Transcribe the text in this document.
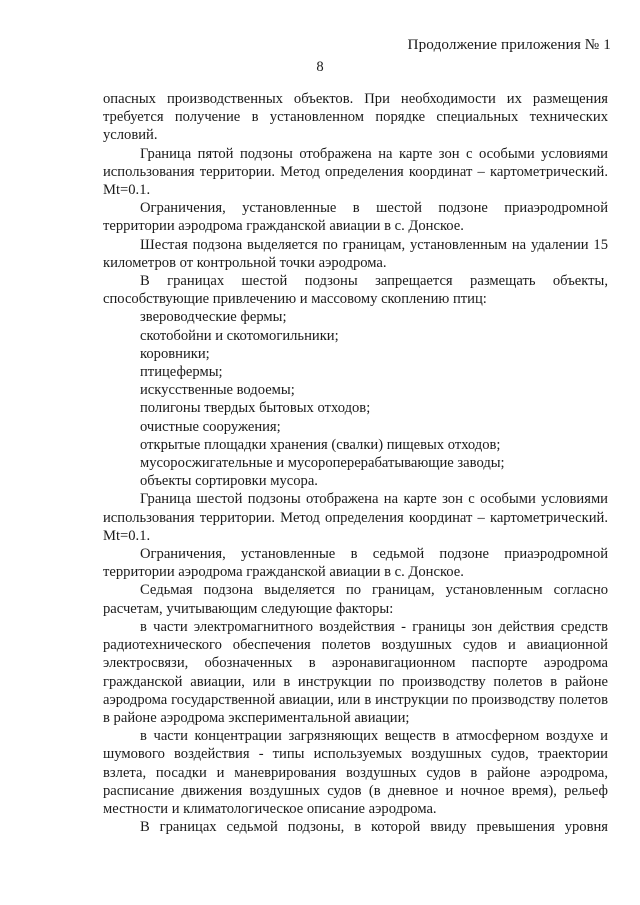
Продолжение приложения № 1
8

опасных производственных объектов. При необходимости их размещения требуется получение в установленном порядке специальных технических условий.

Граница пятой подзоны отображена на карте зон с особыми условиями использования территории. Метод определения координат – картометрический. Mt=0.1.

Ограничения, установленные в шестой подзоне приаэродромной территории аэродрома гражданской авиации в с. Донское.

Шестая подзона выделяется по границам, установленным на удалении 15 километров от контрольной точки аэродрома.

В границах шестой подзоны запрещается размещать объекты, способствующие привлечению и массовому скоплению птиц:

звероводческие фермы;

скотобойни и скотомогильники;

коровники;

птицефермы;

искусственные водоемы;

полигоны твердых бытовых отходов;

очистные сооружения;

открытые площадки хранения (свалки) пищевых отходов;

мусоросжигательные и мусороперерабатывающие заводы;

объекты сортировки мусора.

Граница шестой подзоны отображена на карте зон с особыми условиями использования территории. Метод определения координат – картометрический. Mt=0.1.

Ограничения, установленные в седьмой подзоне приаэродромной территории аэродрома гражданской авиации в с. Донское.

Седьмая подзона выделяется по границам, установленным согласно расчетам, учитывающим следующие факторы:

в части электромагнитного воздействия - границы зон действия средств радиотехнического обеспечения полетов воздушных судов и авиационной электросвязи, обозначенных в аэронавигационном паспорте аэродрома гражданской авиации, или в инструкции по производству полетов в районе аэродрома государственной авиации, или в инструкции по производству полетов в районе аэродрома экспериментальной авиации;

в части концентрации загрязняющих веществ в атмосферном воздухе и шумового воздействия - типы используемых воздушных судов, траектории взлета, посадки и маневрирования воздушных судов в районе аэродрома, расписание движения воздушных судов (в дневное и ночное время), рельеф местности и климатологическое описание аэродрома.

В границах седьмой подзоны, в которой ввиду превышения уровня
